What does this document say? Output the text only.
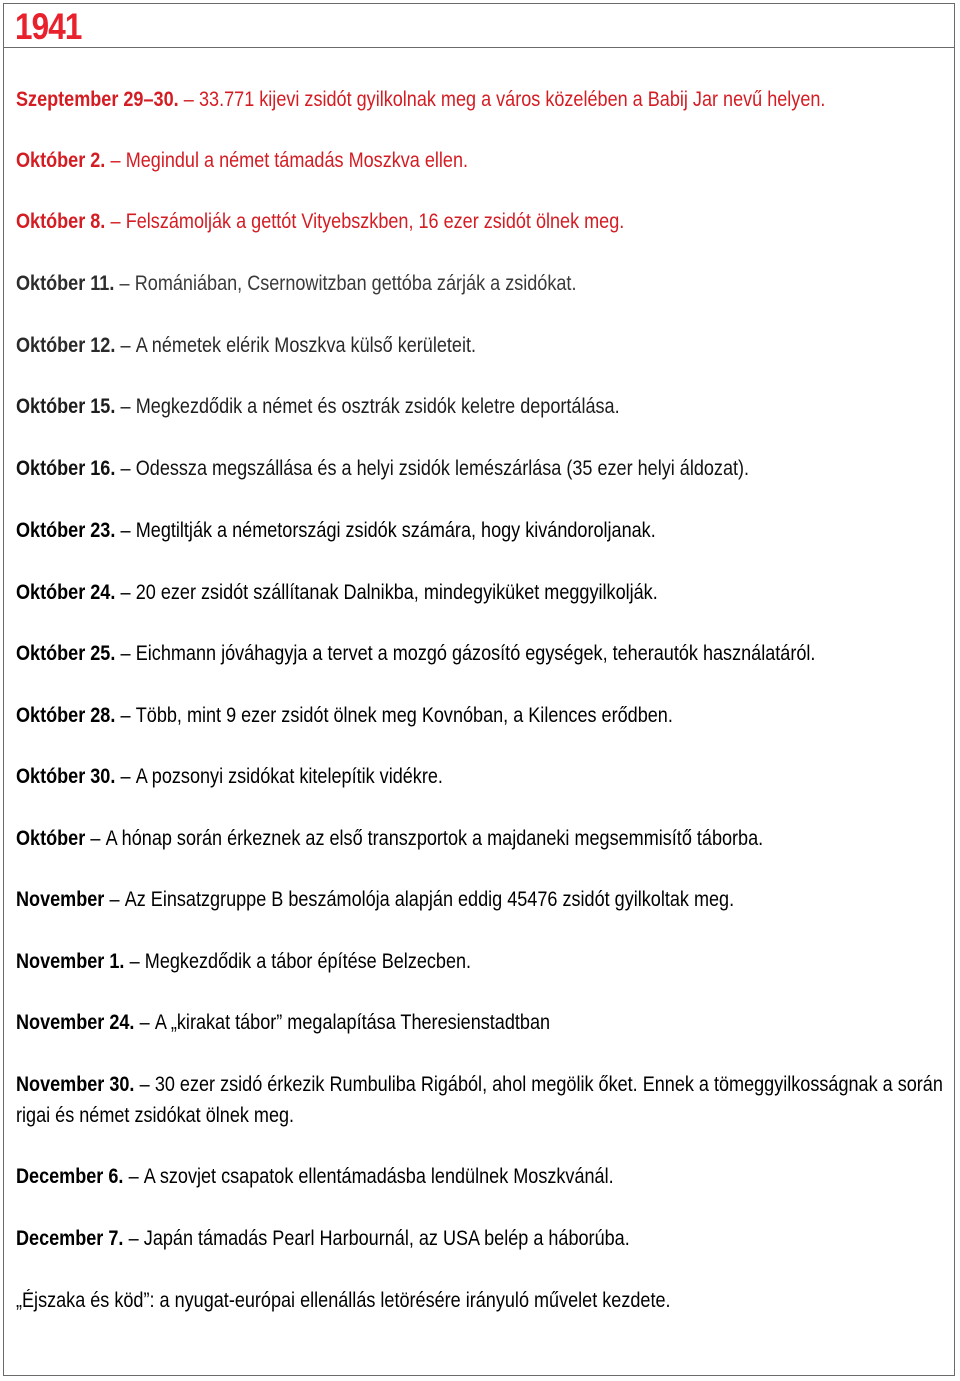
1941
Szeptember 29–30. – 33.771 kijevi zsidót gyilkolnak meg a város közelében a Babij Jar nevű helyen.
Október 2. – Megindul a német támadás Moszkva ellen.
Október 8. – Felszámolják a gettót Vityebszkben, 16 ezer zsidót ölnek meg.
Október 11. – Romániában, Csernowitzban gettóba zárják a zsidókat.
Október 12. – A németek elérik Moszkva külső kerületeit.
Október 15. – Megkezdődik a német és osztrák zsidók keletre deportálása.
Október 16. – Odessza megszállása és a helyi zsidók lemészárlása (35 ezer helyi áldozat).
Október 23. – Megtiltják a németországi zsidók számára, hogy kivándoroljanak.
Október 24. – 20 ezer zsidót szállítanak Dalnikba, mindegyiküket meggyilkolják.
Október 25. – Eichmann jóváhagyja a tervet a mozgó gázosító egységek, teherautók használatáról.
Október 28. – Több, mint 9 ezer zsidót ölnek meg Kovnóban, a Kilences erődben.
Október 30. – A pozsonyi zsidókat kitelepítik vidékre.
Október – A hónap során érkeznek az első transzportok a majdaneki megsemmisítő táborba.
November – Az Einsatzgruppe B beszámolója alapján eddig 45476 zsidót gyilkoltak meg.
November 1. – Megkezdődik a tábor építése Belzecben.
November 24. – A „kirakat tábor” megalapítása Theresienstadtban
November 30. – 30 ezer zsidó érkezik Rumbuliba Rigából, ahol megölik őket. Ennek a tömeggyilkosságnak a során rigai és német zsidókat ölnek meg.
December 6. – A szovjet csapatok ellentámadásba lendülnek Moszkvánál.
December 7. – Japán támadás Pearl Harbournál, az USA belép a háborúba.
„Éjszaka és köd”: a nyugat-európai ellenállás letörésére irányuló művelet kezdete.
